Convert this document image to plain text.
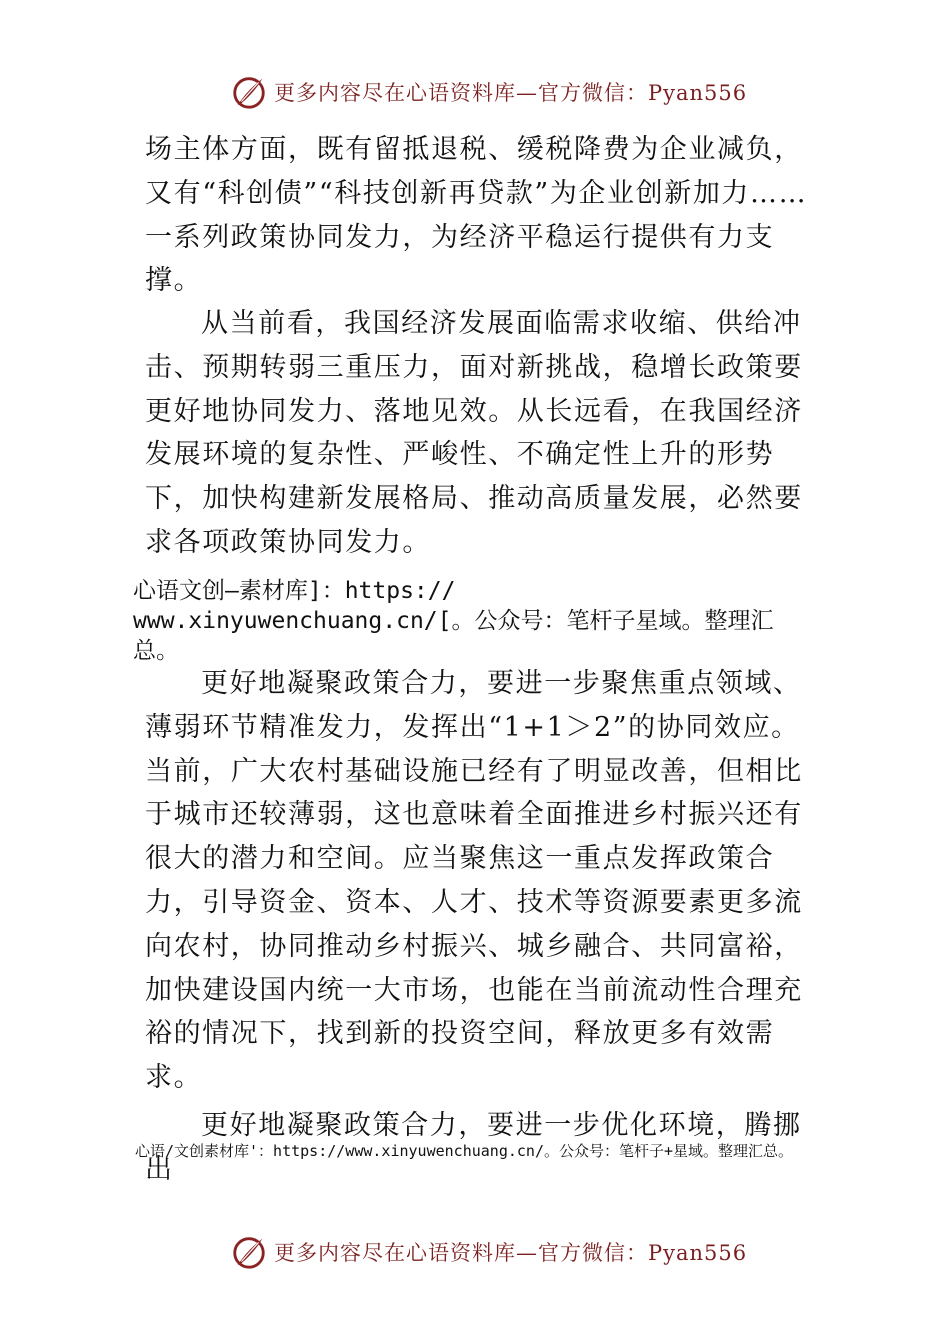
更多内容尽在心语资料库—官方微信：Pyan556

场主体方面，既有留抵退税、缓税降费为企业减负，又有“科创债”“科技创新再贷款”为企业创新加力……一系列政策协同发力，为经济平稳运行提供有力支撑。

从当前看，我国经济发展面临需求收缩、供给冲击、预期转弱三重压力，面对新挑战，稳增长政策要更好地协同发力、落地见效。从长远看，在我国经济发展环境的复杂性、严峻性、不确定性上升的形势下，加快构建新发展格局、推动高质量发展，必然要求各项政策协同发力。

心语文创—素材库]：https://
www.xinyuwenchuang.cn/[。公众号：笔杆子星域。整理汇
总。

更好地凝聚政策合力，要进一步聚焦重点领域、薄弱环节精准发力，发挥出“1+1＞2”的协同效应。当前，广大农村基础设施已经有了明显改善，但相比于城市还较薄弱，这也意味着全面推进乡村振兴还有很大的潜力和空间。应当聚焦这一重点发挥政策合力，引导资金、资本、人才、技术等资源要素更多流向农村，协同推动乡村振兴、城乡融合、共同富裕，加快建设国内统一大市场，也能在当前流动性合理充裕的情况下，找到新的投资空间，释放更多有效需求。

更好地凝聚政策合力，要进一步优化环境，腾挪出

心语/文创素材库'：https://www.xinyuwenchuang.cn/。公众号：笔杆子+星域。整理汇总。
更多内容尽在心语资料库—官方微信：Pyan556
